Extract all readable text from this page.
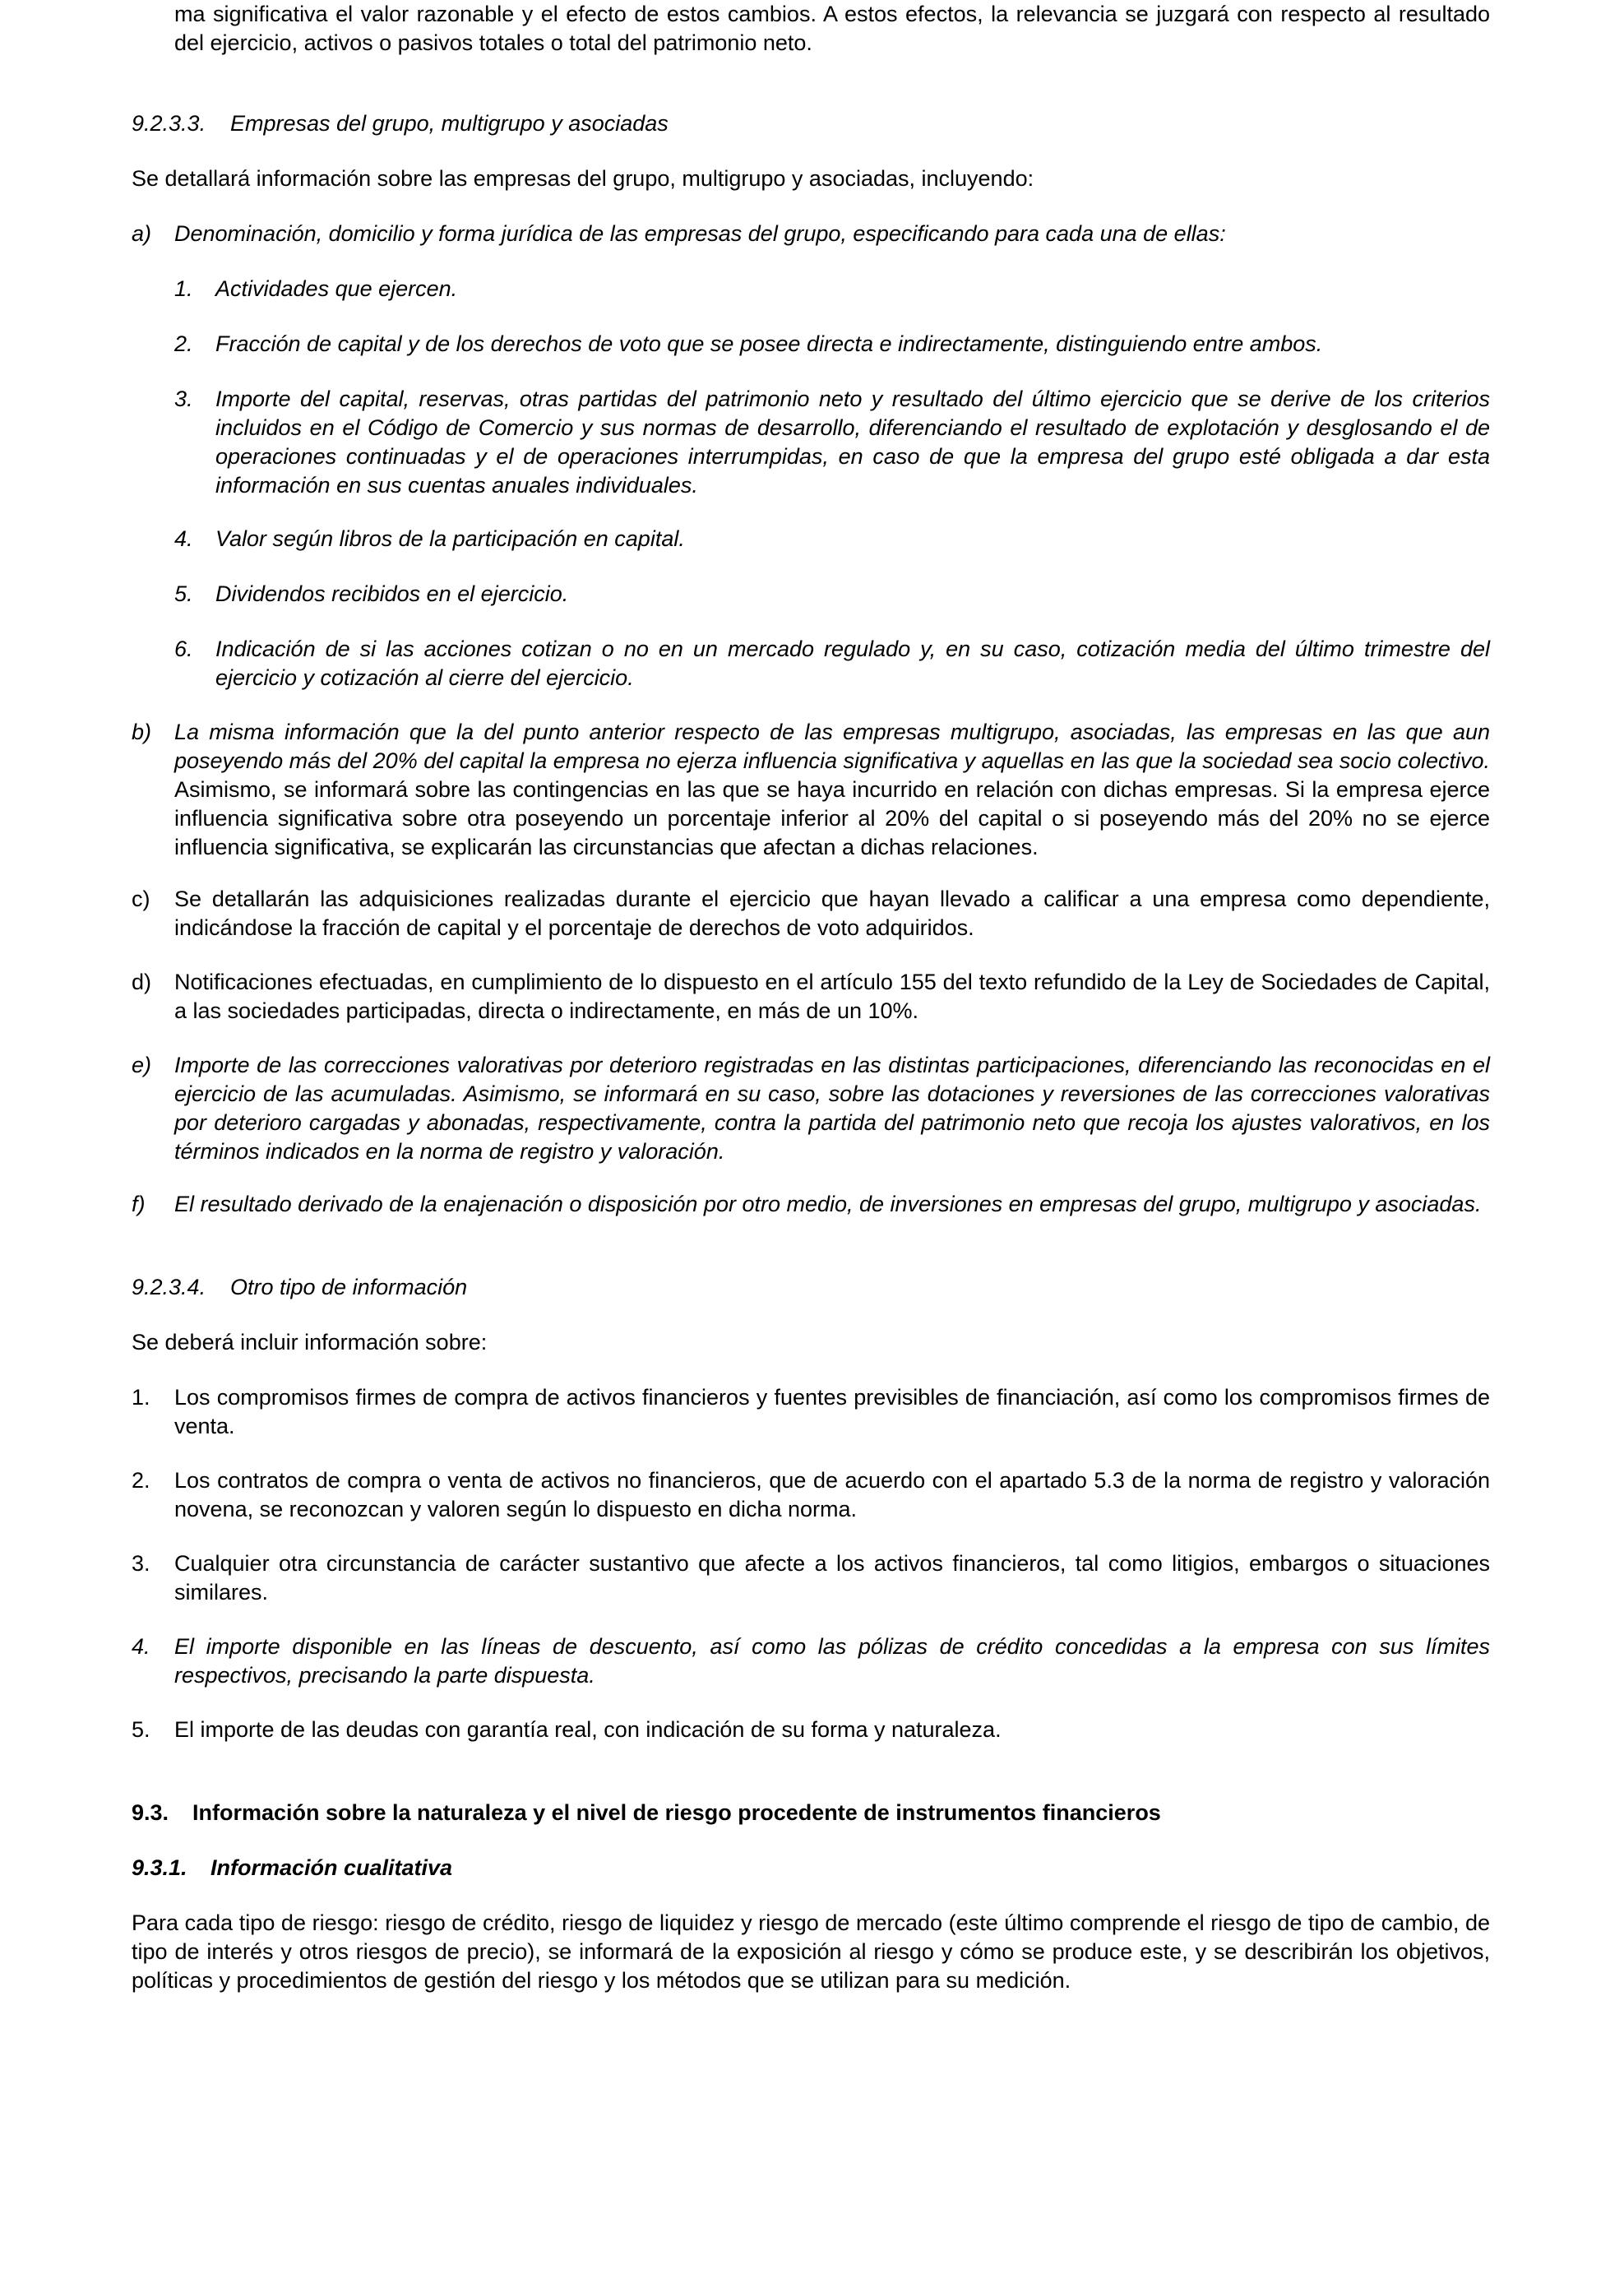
ma significativa el valor razonable y el efecto de estos cambios. A estos efectos, la relevancia se juzgará con respecto al resultado

del ejercicio, activos o pasivos totales o total del patrimonio neto.

9.2.3.3.	Empresas del grupo, multigrupo y asociadas

Se detallará información sobre las empresas del grupo, multigrupo y asociadas, incluyendo:

a)	Denominación, domicilio y forma jurídica de las empresas del grupo, especificando para cada una de ellas:
1.	Actividades que ejercen.
2.	Fracción de capital y de los derechos de voto que se posee directa e indirectamente, distinguiendo entre ambos.
3.	Importe del capital, reservas, otras partidas del patrimonio neto y resultado del último ejercicio que se derive de los criterios incluidos en el Código de Comercio y sus normas de desarrollo, diferenciando el resultado de explotación y desglosando el de operaciones continuadas y el de operaciones interrumpidas, en caso de que la empresa del grupo esté obligada a dar esta información en sus cuentas anuales individuales.
4.	Valor según libros de la participación en capital.
5.	Dividendos recibidos en el ejercicio.
6.	Indicación de si las acciones cotizan o no en un mercado regulado y, en su caso, cotización media del último trimestre del ejercicio y cotización al cierre del ejercicio.
b)	La misma información que la del punto anterior respecto de las empresas multigrupo, asociadas, las empresas en las que aun poseyendo más del 20% del capital la empresa no ejerza influencia significativa y aquellas en las que la sociedad sea socio colectivo. Asimismo, se informará sobre las contingencias en las que se haya incurrido en relación con dichas empresas. Si la empresa ejerce influencia significativa sobre otra poseyendo un porcentaje inferior al 20% del capital o si poseyendo más del 20% no se ejerce influencia significativa, se explicarán las circunstancias que afectan a dichas relaciones.
c)	Se detallarán las adquisiciones realizadas durante el ejercicio que hayan llevado a calificar a una empresa como dependiente, indicándose la fracción de capital y el porcentaje de derechos de voto adquiridos.
d)	Notificaciones efectuadas, en cumplimiento de lo dispuesto en el artículo 155 del texto refundido de la Ley de Sociedades de Capital, a las sociedades participadas, directa o indirectamente, en más de un 10%.
e)	Importe de las correcciones valorativas por deterioro registradas en las distintas participaciones, diferenciando las reconocidas en el ejercicio de las acumuladas. Asimismo, se informará en su caso, sobre las dotaciones y reversiones de las correcciones valorativas por deterioro cargadas y abonadas, respectivamente, contra la partida del patrimonio neto que recoja los ajustes valorativos, en los términos indicados en la norma de registro y valoración.
f)	El resultado derivado de la enajenación o disposición por otro medio, de inversiones en empresas del grupo, multigrupo y asociadas.
9.2.3.4.	Otro tipo de información

Se deberá incluir información sobre:

1.	Los compromisos firmes de compra de activos financieros y fuentes previsibles de financiación, así como los compromisos firmes de venta.
2.	Los contratos de compra o venta de activos no financieros, que de acuerdo con el apartado 5.3 de la norma de registro y valoración novena, se reconozcan y valoren según lo dispuesto en dicha norma.
3.	Cualquier otra circunstancia de carácter sustantivo que afecte a los activos financieros, tal como litigios, embargos o situaciones similares.
4.	El importe disponible en las líneas de descuento, así como las pólizas de crédito concedidas a la empresa con sus límites respectivos, precisando la parte dispuesta.
5.	El importe de las deudas con garantía real, con indicación de su forma y naturaleza.
9.3.	Información sobre la naturaleza y el nivel de riesgo procedente de instrumentos financieros
9.3.1.	Información cualitativa

Para cada tipo de riesgo: riesgo de crédito, riesgo de liquidez y riesgo de mercado (este último comprende el riesgo de tipo de cambio, de tipo de interés y otros riesgos de precio), se informará de la exposición al riesgo y cómo se produce este, y se describirán los objetivos, políticas y procedimientos de gestión del riesgo y los métodos que se utilizan para su medición.
